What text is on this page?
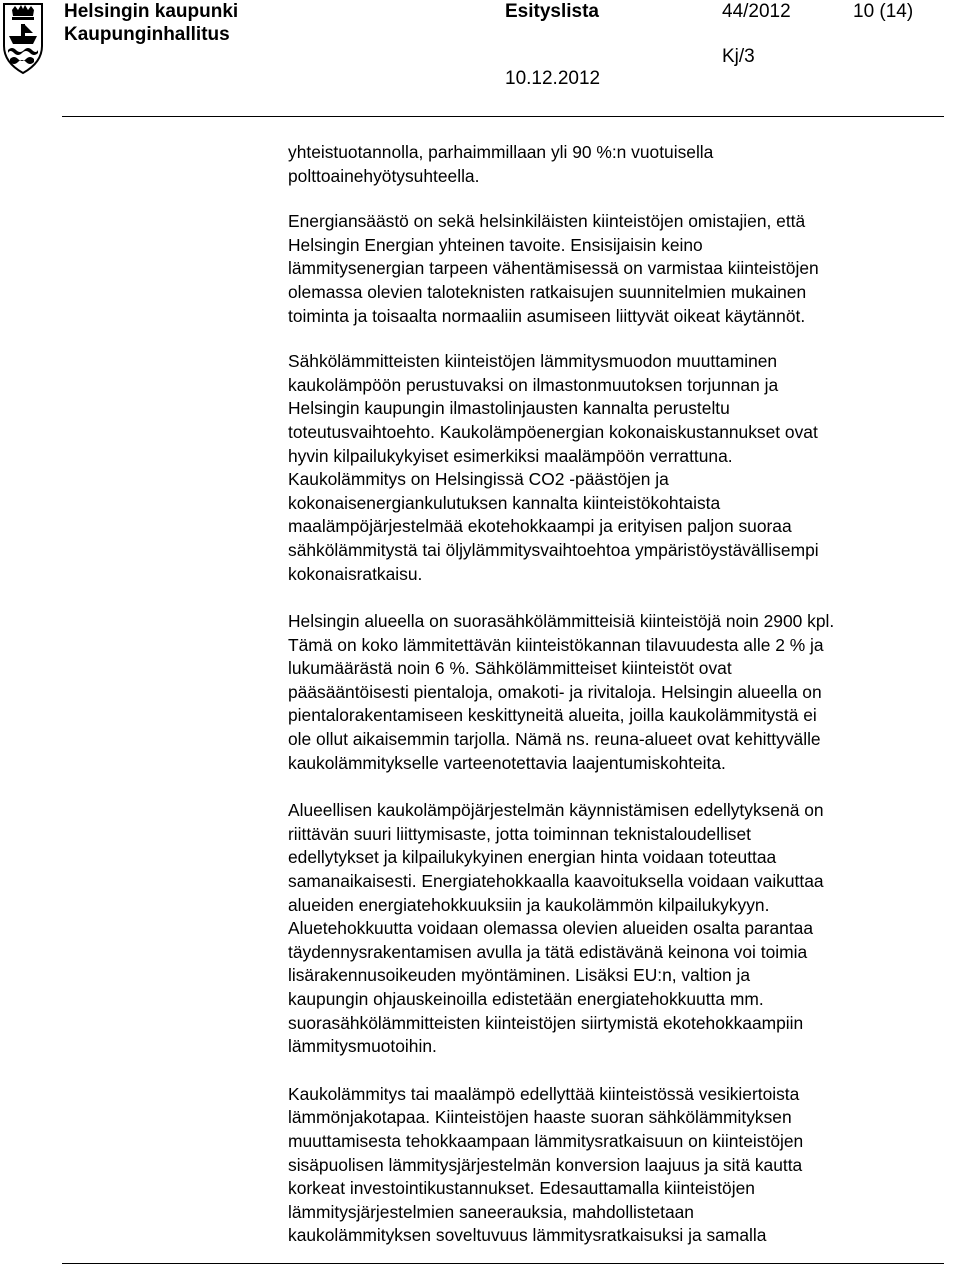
Helsingin kaupunki
Kaupunginhallitus
Esityslista	44/2012	10 (14)
Kj/3
10.12.2012

yhteistuotannolla, parhaimmillaan yli 90 %:n vuotuisella
polttoainehyötysuhteella.

Energiansäästö on sekä helsinkiläisten kiinteistöjen omistajien, että
Helsingin Energian yhteinen tavoite. Ensisijaisin keino
lämmitysenergian tarpeen vähentämisessä on varmistaa kiinteistöjen
olemassa olevien taloteknisten ratkaisujen suunnitelmien mukainen
toiminta ja toisaalta normaaliin asumiseen liittyvät oikeat käytännöt.

Sähkölämmitteisten kiinteistöjen lämmitysmuodon muuttaminen
kaukolämpöön perustuvaksi on ilmastonmuutoksen torjunnan ja
Helsingin kaupungin ilmastolinjausten kannalta perusteltu
toteutusvaihtoehto. Kaukolämpöenergian kokonaiskustannukset ovat
hyvin kilpailukykyiset esimerkiksi maalämpöön verrattuna.
Kaukolämmitys on Helsingissä CO2 -päästöjen ja
kokonaisenergiankulutuksen kannalta kiinteistökohtaista
maalämpöjärjestelmää ekotehokkaampi ja erityisen paljon suoraa
sähkölämmitystä tai öljylämmitysvaihtoehtoa ympäristöystävällisempi
kokonaisratkaisu.

Helsingin alueella on suorasähkölämmitteisiä kiinteistöjä noin 2900 kpl.
Tämä on koko lämmitettävän kiinteistökannan tilavuudesta alle 2 % ja
lukumäärästä noin 6 %. Sähkölämmitteiset kiinteistöt ovat
pääsääntöisesti pientaloja, omakoti- ja rivitaloja. Helsingin alueella on
pientalorakentamiseen keskittyneitä alueita, joilla kaukolämmitystä ei
ole ollut aikaisemmin tarjolla. Nämä ns. reuna-alueet ovat kehittyvälle
kaukolämmitykselle varteenotettavia laajentumiskohteita.

Alueellisen kaukolämpöjärjestelmän käynnistämisen edellytyksenä on
riittävän suuri liittymisaste, jotta toiminnan teknistaloudelliset
edellytykset ja kilpailukykyinen energian hinta voidaan toteuttaa
samanaikaisesti. Energiatehokkaalla kaavoituksella voidaan vaikuttaa
alueiden energiatehokkuuksiin ja kaukolämmön kilpailukykyyn.
Aluetehokkuutta voidaan olemassa olevien alueiden osalta parantaa
täydennysrakentamisen avulla ja tätä edistävänä keinona voi toimia
lisärakennusoikeuden myöntäminen. Lisäksi EU:n, valtion ja
kaupungin ohjauskeinoilla edistetään energiatehokkuutta mm.
suorasähkölämmitteisten kiinteistöjen siirtymistä ekotehokkaampiin
lämmitysmuotoihin.

Kaukolämmitys tai maalämpö edellyttää kiinteistössä vesikiertoista
lämmönjakotapaa. Kiinteistöjen haaste suoran sähkölämmityksen
muuttamisesta tehokkaampaan lämmitysratkaisuun on kiinteistöjen
sisäpuolisen lämmitysjärjestelmän konversion laajuus ja sitä kautta
korkeat investointikustannukset. Edesauttamalla kiinteistöjen
lämmitysjärjestelmien saneerauksia, mahdollistetaan
kaukolämmityksen soveltuvuus lämmitysratkaisuksi ja samalla
